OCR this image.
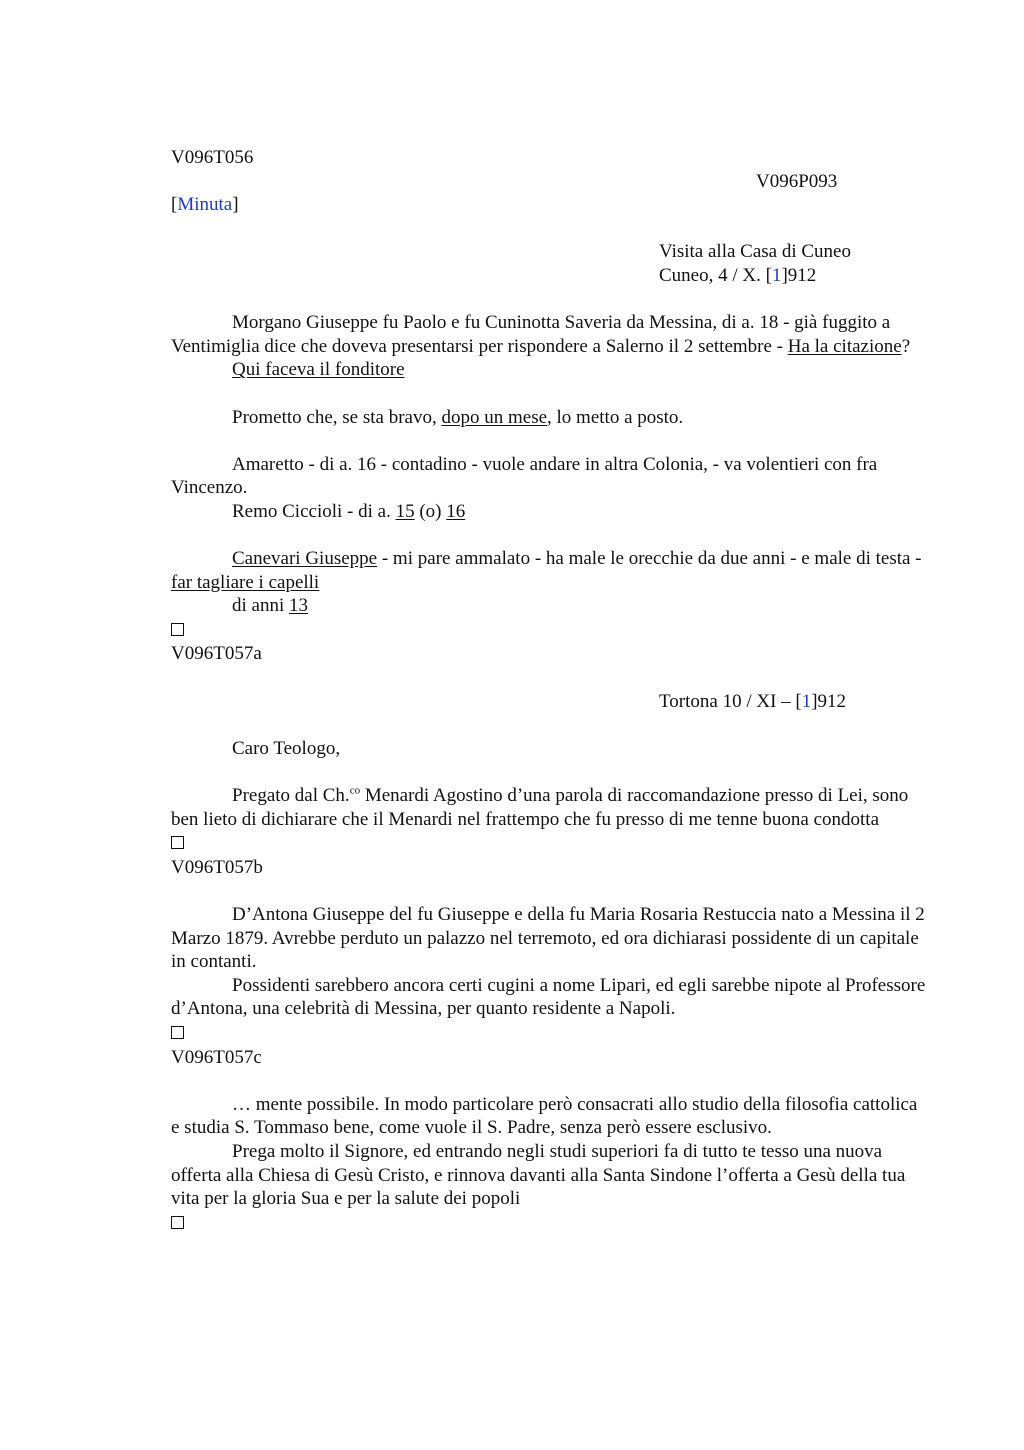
V096T056

V096P093

[Minuta]

Visita alla Casa di Cuneo

Cuneo, 4 / X. [1]912

Morgano Giuseppe fu Paolo e fu Cuninotta Saveria da Messina, di a. 18 - già fuggito a Ventimiglia dice che doveva presentarsi per rispondere a Salerno il 2 settembre - Ha la citazione?

Qui faceva il fonditore

Prometto che, se sta bravo, dopo un mese, lo metto a posto.

Amaretto - di a. 16 - contadino - vuole andare in altra Colonia, - va volentieri con fra Vincenzo.

Remo Ciccioli - di a. 15 (o) 16

Canevari Giuseppe - mi pare ammalato - ha male le orecchie da due anni - e male di testa - far tagliare i capelli

di anni 13

V096T057a

Tortona 10 / XI – [1]912

Caro Teologo,

Pregato dal Ch.$^{co}$ Menardi Agostino d’una parola di raccomandazione presso di Lei, sono ben lieto di dichiarare che il Menardi nel frattempo che fu presso di me tenne buona condotta

V096T057b

D’Antona Giuseppe del fu Giuseppe e della fu Maria Rosaria Restuccia nato a Messina il 2 Marzo 1879. Avrebbe perduto un palazzo nel terremoto, ed ora dichiarasi possidente di un capitale in contanti.

Possidenti sarebbero ancora certi cugini a nome Lipari, ed egli sarebbe nipote al Professore d’Antona, una celebrità di Messina, per quanto residente a Napoli.

V096T057c

… mente possibile. In modo particolare però consacrati allo studio della filosofia cattolica e studia S. Tommaso bene, come vuole il S. Padre, senza però essere esclusivo.

Prega molto il Signore, ed entrando negli studi superiori fa di tutto te tesso una nuova offerta alla Chiesa di Gesù Cristo, e rinnova davanti alla Santa Sindone l’offerta a Gesù della tua vita per la gloria Sua e per la salute dei popoli
